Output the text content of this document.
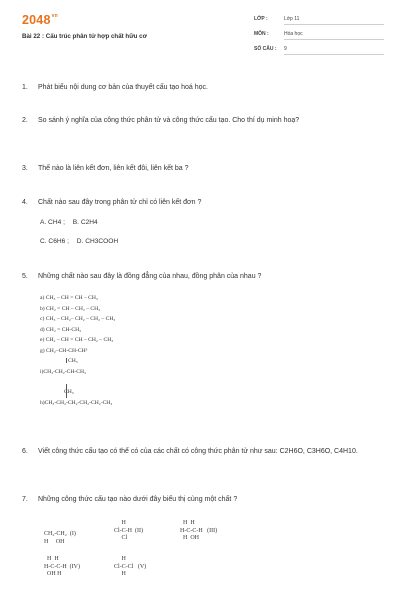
$2048^{vn}$
Bài 22 : Cấu trúc phân tử hợp chất hữu cơ
LỚP :	Lớp 11
MÔN :	Hóa học
SỐ CÂU :	9
1. Phát biểu nội dung cơ bản của thuyết cấu tạo hoá học.
2. So sánh ý nghĩa của công thức phân tử và công thức cấu tạo. Cho thí dụ minh hoạ?
3. Thế nào là liên kết đơn, liên kết đôi, liên kết ba ?
4. Chất nào sau đây trong phân tử chỉ có liên kết đơn ?
A. CH4 ; B. C2H4
C. C6H6 ; D. CH3COOH
5. Những chất nào sau đây là đồng đẳng của nhau, đồng phân của nhau ?
a) CH₃ – CH = CH – CH₃
b) CH₂ = CH – CH₂ – CH₃
c) CH₃ – CH₂– CH₂ – CH₂ – CH₃
d) CH₂ = CH-CH₃
e) CH₂ – CH = CH – CH₂ – CH₃
g) CH₂–CH-CH-CH³
CH₃
i)CH₃-CH₂-CH-CH₃
CH₃
h)CH₃-CH₂-CH₂-CH₂-CH₂-CH₃
6. Viết công thức cấu tạo có thể có của các chất có công thức phân tử như sau: C2H6O, C3H6O, C4H10.
7. Những công thức cấu tạo nào dưới đây biểu thị cùng một chất ?
CH₂-CH₂  (I)
H     OH
H
Cl-C-H  (II)
Cl
H  H
H-C-C-H   (III)
H  OH
H  H
H-C-C-H  (IV)
OH H
H
Cl-C-Cl   (V)
H
